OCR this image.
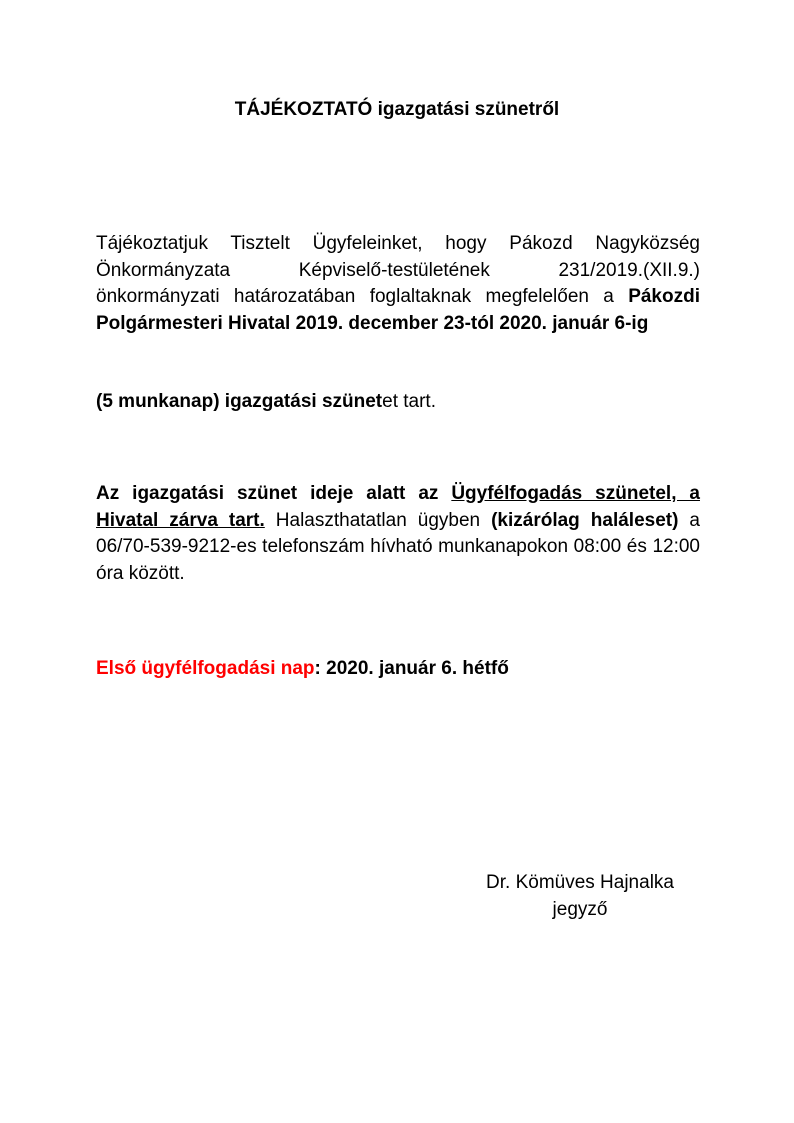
TÁJÉKOZTATÓ igazgatási szünetről
Tájékoztatjuk Tisztelt Ügyfeleinket, hogy Pákozd Nagyközség Önkormányzata Képviselő-testületének 231/2019.(XII.9.) önkormányzati határozatában foglaltaknak megfelelően a Pákozdi Polgármesteri Hivatal 2019. december 23-tól 2020. január 6-ig
(5 munkanap) igazgatási szünetet tart.
Az igazgatási szünet ideje alatt az Ügyfélfogadás szünetel, a Hivatal zárva tart. Halaszthatatlan ügyben (kizárólag haláleset) a 06/70-539-9212-es telefonszám hívható munkanapokon 08:00 és 12:00 óra között.
Első ügyfélfogadási nap: 2020. január 6. hétfő
Dr. Kömüves Hajnalka
jegyző
